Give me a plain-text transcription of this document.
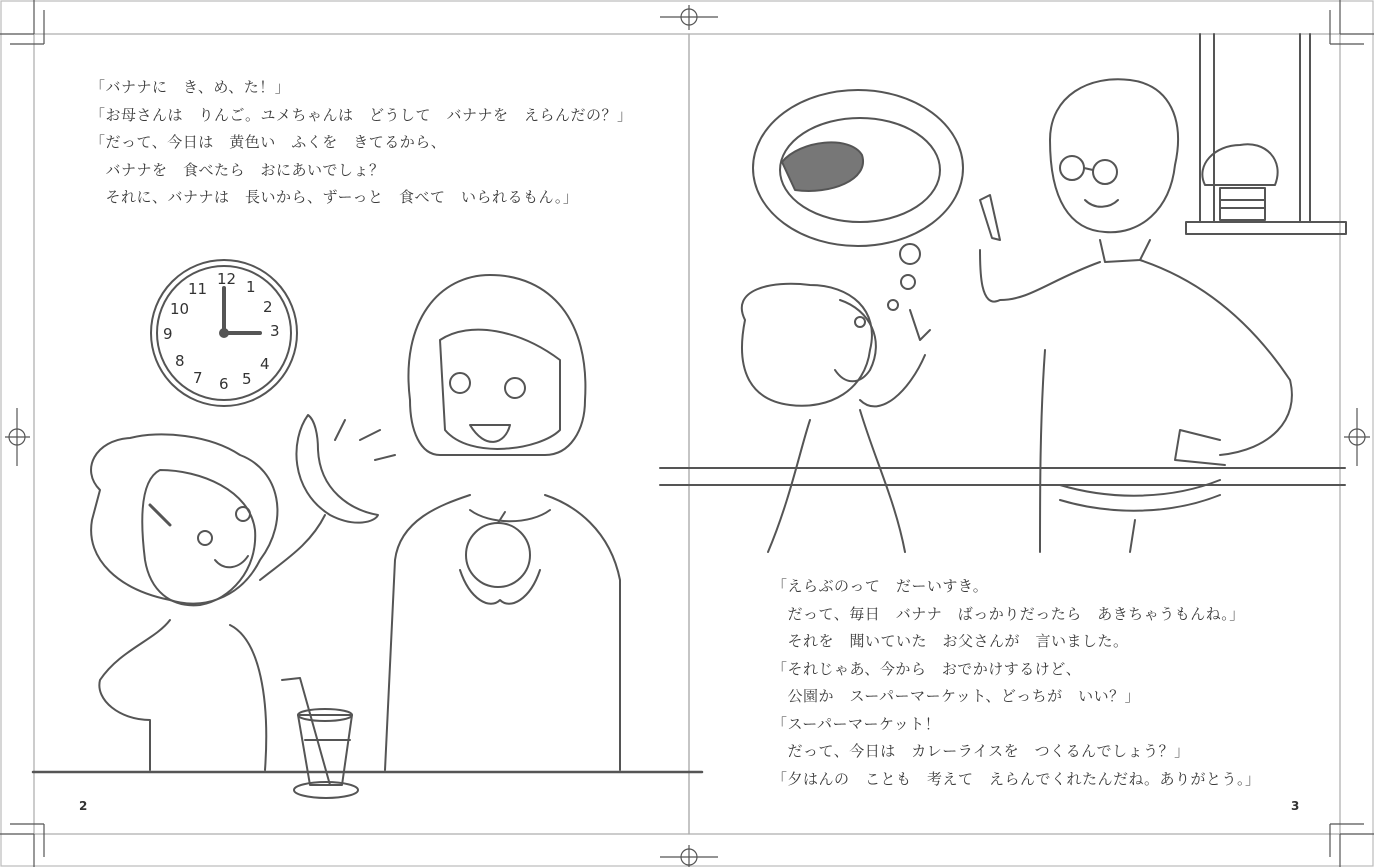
「バナナに　き、め、た！」
「お母さんは　りんご。ユメちゃんは　どうして　バナナを　えらんだの？」
「だって、今日は　黄色い　ふくを　きてるから、
　バナナを　食べたら　おにあいでしょ？
　それに、バナナは　長いから、ずーっと　食べて　いられるもん。」
12 1
2
3
4
5
6
7
8
9
10
11
「えらぶのって　だーいすき。
　だって、毎日　バナナ　ばっかりだったら　あきちゃうもんね。」
　それを　聞いていた　お父さんが　言いました。
「それじゃあ、今から　おでかけするけど、
　公園か　スーパーマーケット、どっちが　いい？」
「スーパーマーケット！
　だって、今日は　カレーライスを　つくるんでしょう？」
「夕はんの　ことも　考えて　えらんでくれたんだね。ありがとう。」
2	3
